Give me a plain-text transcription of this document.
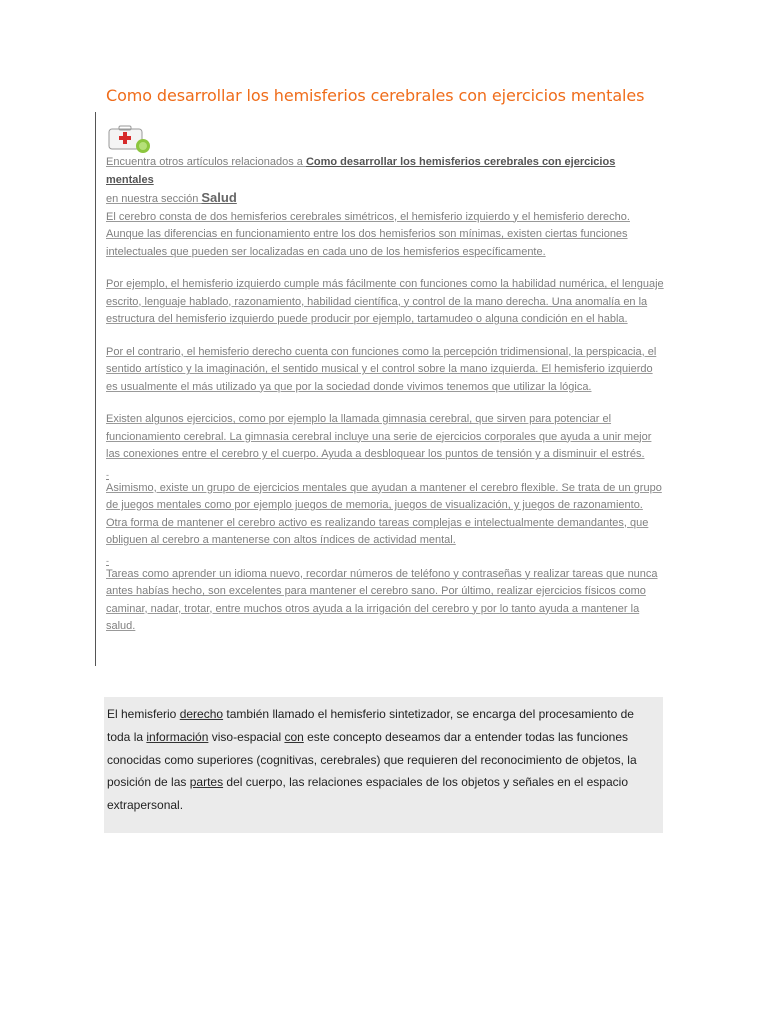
Como desarrollar los hemisferios cerebrales con ejercicios mentales
Encuentra otros artículos relacionados a Como desarrollar los hemisferios cerebrales con ejercicios mentales
en nuestra sección Salud

El cerebro consta de dos hemisferios cerebrales simétricos, el hemisferio izquierdo y el hemisferio derecho. Aunque las diferencias en funcionamiento entre los dos hemisferios son mínimas, existen ciertas funciones intelectuales que pueden ser localizadas en cada uno de los hemisferios específicamente.

Por ejemplo, el hemisferio izquierdo cumple más fácilmente con funciones como la habilidad numérica, el lenguaje escrito, lenguaje hablado, razonamiento, habilidad científica, y control de la mano derecha. Una anomalía en la estructura del hemisferio izquierdo puede producir por ejemplo, tartamudeo o alguna condición en el habla.

Por el contrario, el hemisferio derecho cuenta con funciones como la percepción tridimensional, la perspicacia, el sentido artístico y la imaginación, el sentido musical y el control sobre la mano izquierda. El hemisferio izquierdo es usualmente el más utilizado ya que por la sociedad donde vivimos tenemos que utilizar la lógica.

Existen algunos ejercicios, como por ejemplo la llamada gimnasia cerebral, que sirven para potenciar el funcionamiento cerebral. La gimnasia cerebral incluye una serie de ejercicios corporales que ayuda a unir mejor las conexiones entre el cerebro y el cuerpo. Ayuda a desbloquear los puntos de tensión y a disminuir el estrés.

-

Asimismo, existe un grupo de ejercicios mentales que ayudan a mantener el cerebro flexible. Se trata de un grupo de juegos mentales como por ejemplo juegos de memoria, juegos de visualización, y juegos de razonamiento. Otra forma de mantener el cerebro activo es realizando tareas complejas e intelectualmente demandantes, que obliguen al cerebro a mantenerse con altos índices de actividad mental.

-

Tareas como aprender un idioma nuevo, recordar números de teléfono y contraseñas y realizar tareas que nunca antes habías hecho, son excelentes para mantener el cerebro sano. Por último, realizar ejercicios físicos como caminar, nadar, trotar, entre muchos otros ayuda a la irrigación del cerebro y por lo tanto ayuda a mantener la salud.

El hemisferio derecho también llamado el hemisferio sintetizador, se encarga del procesamiento de toda la información viso-espacial con este concepto deseamos dar a entender todas las funciones conocidas como superiores (cognitivas, cerebrales) que requieren del reconocimiento de objetos, la posición de las partes del cuerpo, las relaciones espaciales de los objetos y señales en el espacio extrapersonal.
